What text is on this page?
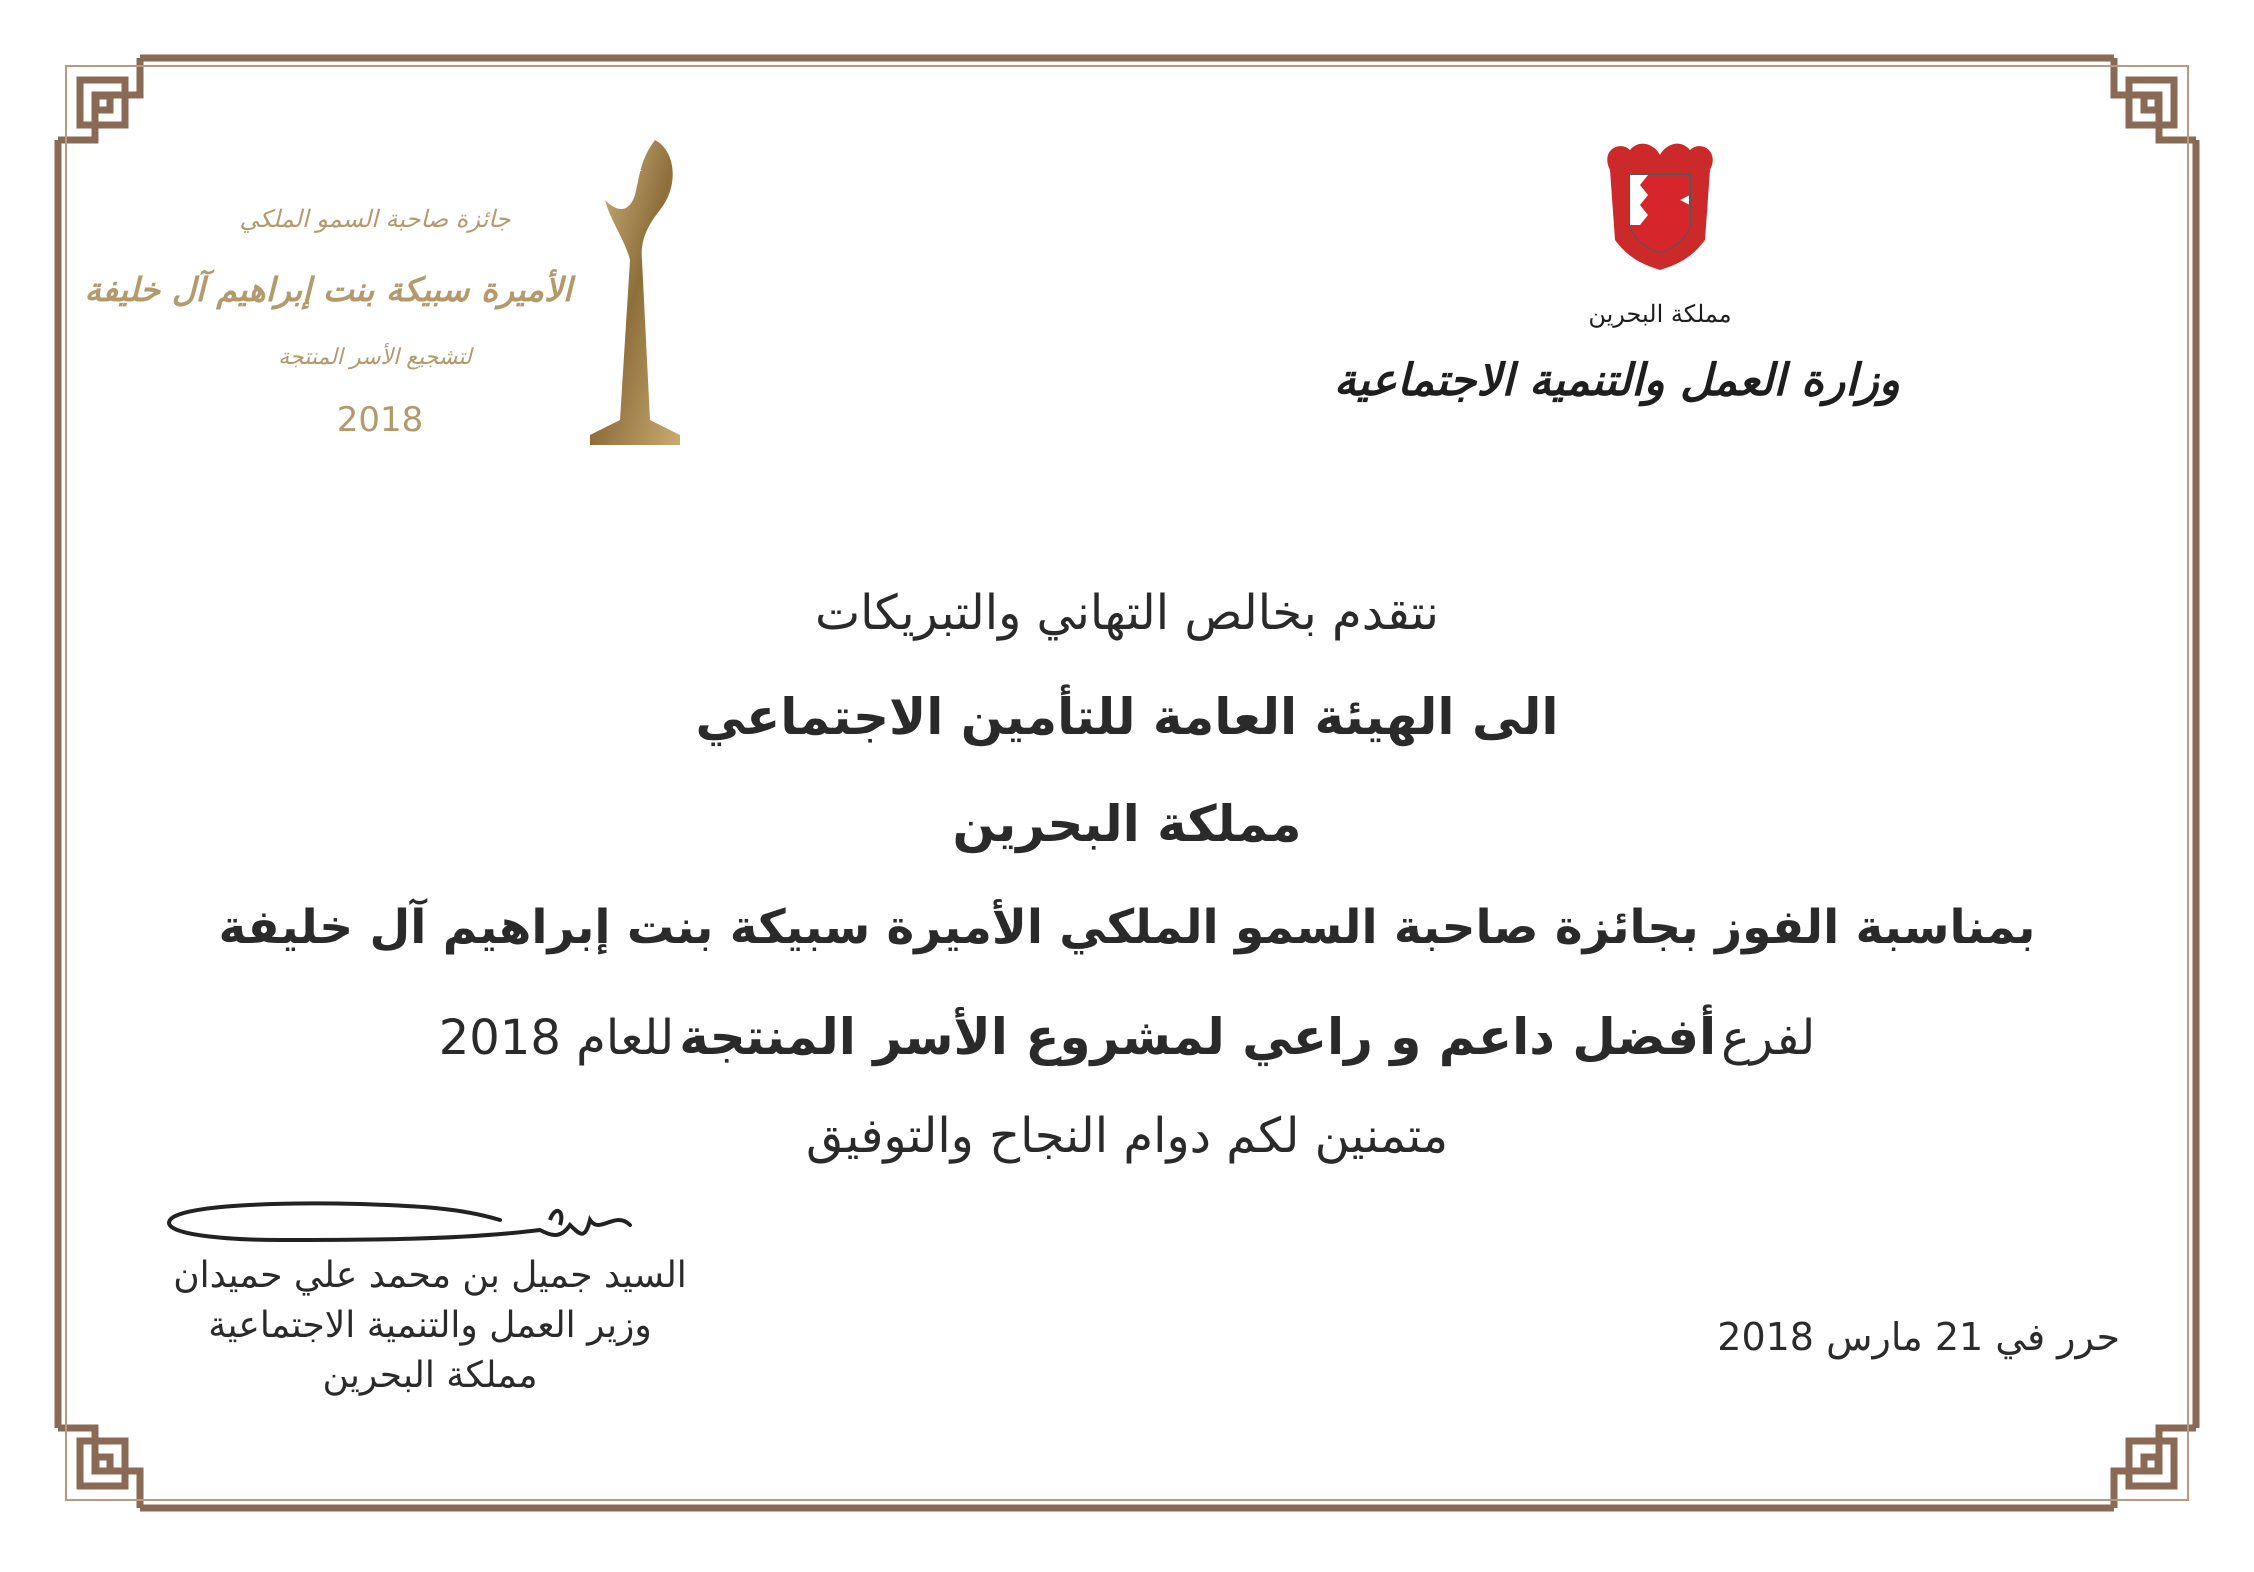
جائزة صاحبة السمو الملكي
الأميرة سبيكة بنت إبراهيم آل خليفة
لتشجيع الأسر المنتجة
2018
مملكة البحرين
وزارة العمل والتنمية الاجتماعية
نتقدم بخالص التهاني والتبريكات
الى الهيئة العامة للتأمين الاجتماعي
مملكة البحرين
بمناسبة الفوز بجائزة صاحبة السمو الملكي الأميرة سبيكة بنت إبراهيم آل خليفة
لفرع أفضل داعم و راعي لمشروع الأسر المنتجة للعام 2018
متمنين لكم دوام النجاح والتوفيق
السيد جميل بن محمد علي حميدان
وزير العمل والتنمية الاجتماعية
مملكة البحرين
حرر في 21 مارس 2018
